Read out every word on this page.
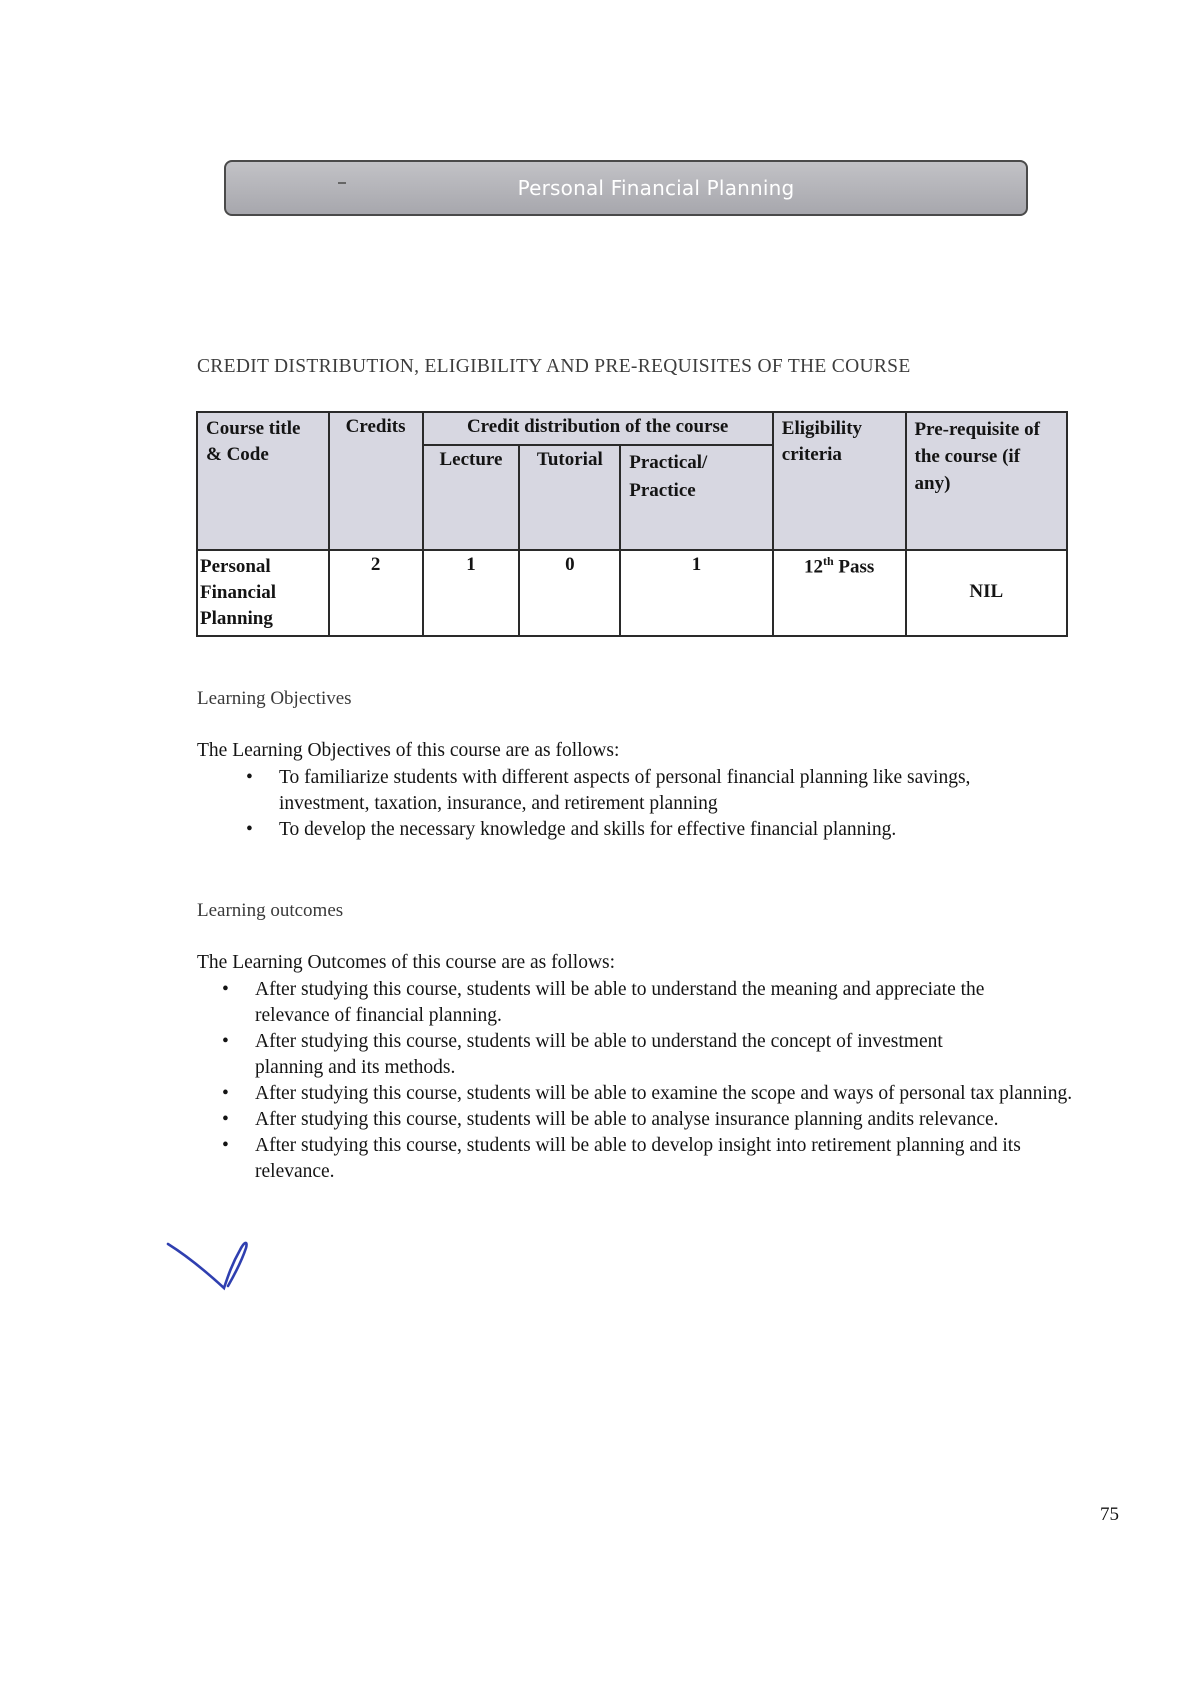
Personal Financial Planning
CREDIT DISTRIBUTION, ELIGIBILITY AND PRE-REQUISITES OF THE COURSE
Course title & Code	Credits	Credit distribution of the course			Eligibility criteria	Pre-requisite of the course (if any)

		Lecture	Tutorial	Practical/ Practice		

Personal Financial Planning	2	1	0	1	12th Pass	NIL
Learning Objectives
The Learning Objectives of this course are as follows:
• To familiarize students with different aspects of personal financial planning like savings, investment, taxation, insurance, and retirement planning
• To develop the necessary knowledge and skills for effective financial planning.
Learning outcomes
The Learning Outcomes of this course are as follows:
• After studying this course, students will be able to understand the meaning and appreciate the relevance of financial planning.
• After studying this course, students will be able to understand the concept of investment planning and its methods.
• After studying this course, students will be able to examine the scope and ways of personal tax planning.
• After studying this course, students will be able to analyse insurance planning andits relevance.
• After studying this course, students will be able to develop insight into retirement planning and its relevance.
75
